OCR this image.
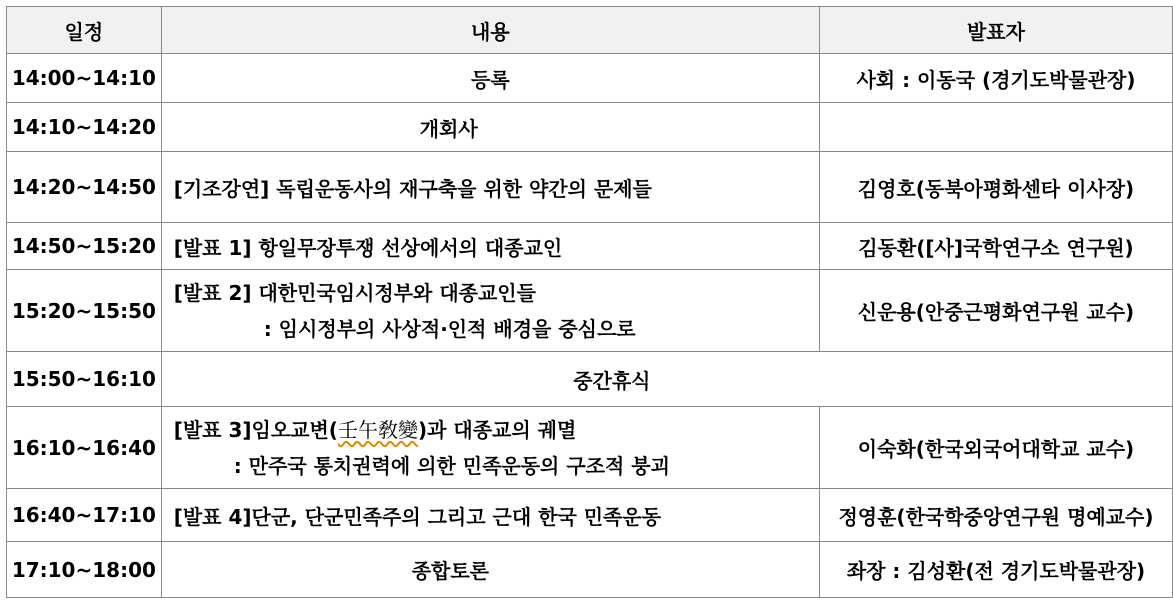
일정	내용	발표자
14:00~14:10	등록	사회 : 이동국 (경기도박물관장)
14:10~14:20	개회사	
14:20~14:50	[기조강연] 독립운동사의 재구축을 위한 약간의 문제들	김영호(동북아평화센타 이사장)
14:50~15:20	[발표 1] 항일무장투쟁 선상에서의 대종교인	김동환([사]국학연구소 연구원)
15:20~15:50	[발표 2] 대한민국임시정부와 대종교인들
: 임시정부의 사상적·인적 배경을 중심으로	신운용(안중근평화연구원 교수)
15:50~16:10	중간휴식	
16:10~16:40	[발표 3]임오교변(壬午敎變)과 대종교의 궤멸
: 만주국 통치권력에 의한 민족운동의 구조적 붕괴	이숙화(한국외국어대학교 교수)
16:40~17:10	[발표 4]단군, 단군민족주의 그리고 근대 한국 민족운동	정영훈(한국학중앙연구원 명예교수)
17:10~18:00	종합토론	좌장 : 김성환(전 경기도박물관장)
